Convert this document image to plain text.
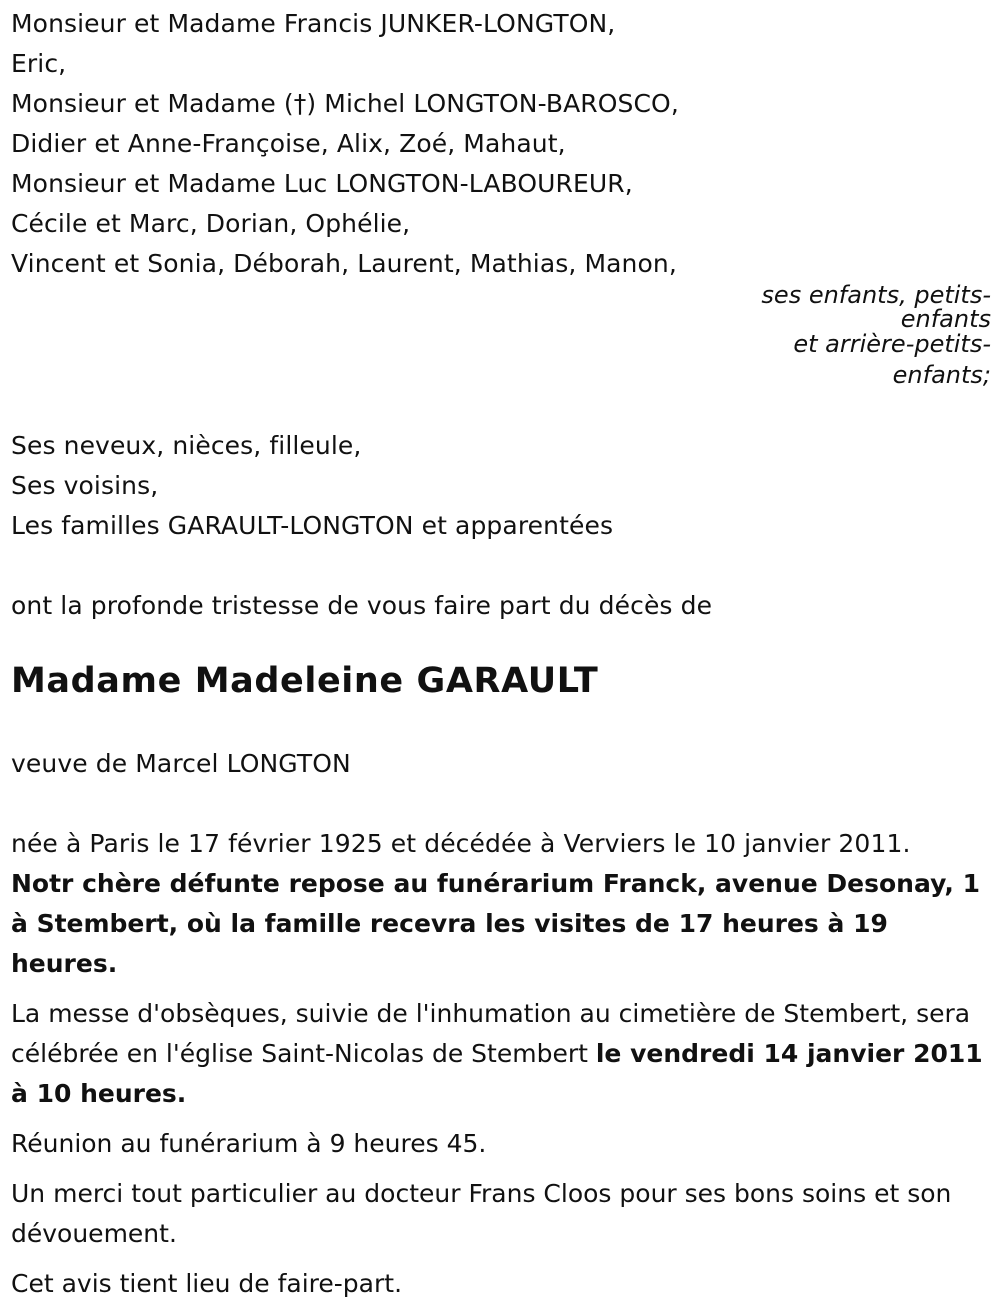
Monsieur et Madame Francis JUNKER-LONGTON,
Eric,
Monsieur et Madame (†) Michel LONGTON-BAROSCO,
Didier et Anne-Françoise, Alix, Zoé, Mahaut,
Monsieur et Madame Luc LONGTON-LABOUREUR,
Cécile et Marc, Dorian, Ophélie,
Vincent et Sonia, Déborah, Laurent, Mathias, Manon,
ses enfants, petits-
enfants
et arrière-petits-
enfants;
Ses neveux, nièces, filleule,
Ses voisins,
Les familles GARAULT-LONGTON et apparentées
ont la profonde tristesse de vous faire part du décès de
Madame Madeleine GARAULT
veuve de Marcel LONGTON
née à Paris le 17 février 1925 et décédée à Verviers le 10 janvier 2011.
Notr chère défunte repose au funérarium Franck, avenue Desonay, 1 à Stembert, où la famille recevra les visites de 17 heures à 19 heures.
La messe d'obsèques, suivie de l'inhumation au cimetière de Stembert, sera célébrée en l'église Saint-Nicolas de Stembert le vendredi 14 janvier 2011 à 10 heures.
Réunion au funérarium à 9 heures 45.
Un merci tout particulier au docteur Frans Cloos pour ses bons soins et son dévouement.
Cet avis tient lieu de faire-part.
